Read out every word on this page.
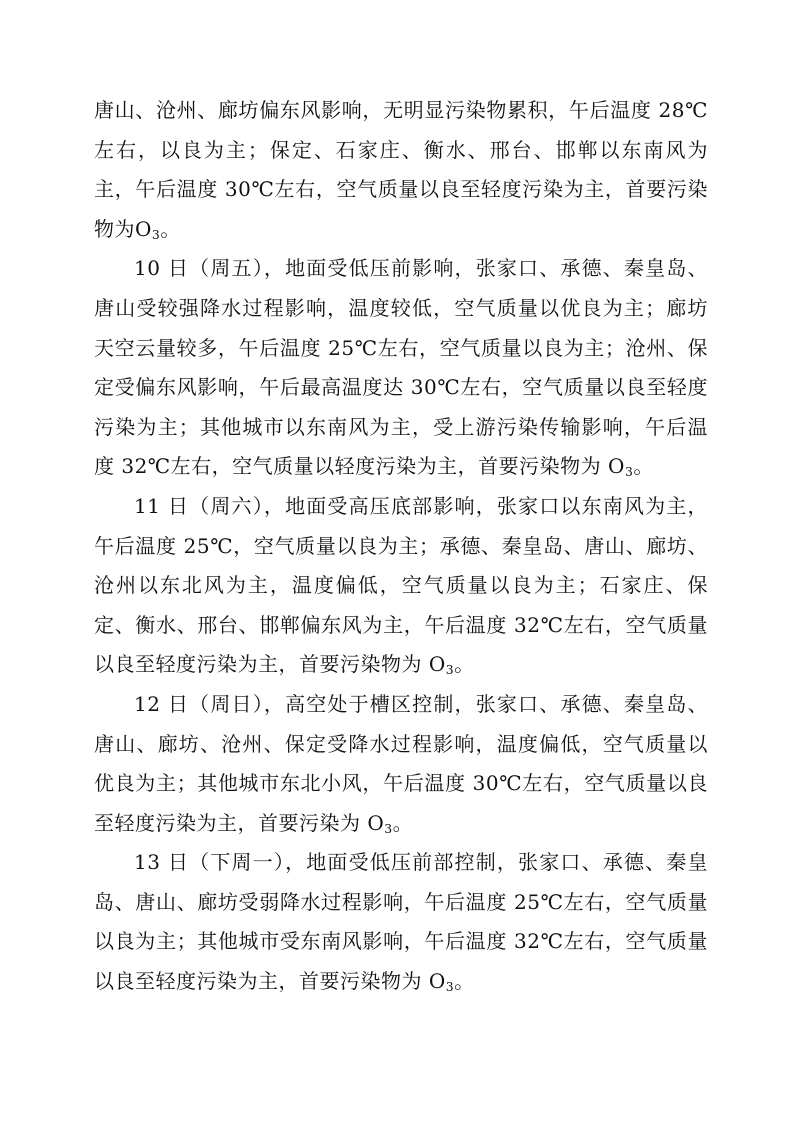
唐山、沧州、廊坊偏东风影响，无明显污染物累积，午后温度 28℃左右，以良为主；保定、石家庄、衡水、邢台、邯郸以东南风为主，午后温度 30℃左右，空气质量以良至轻度污染为主，首要污染物为$O_3$。

10 日（周五），地面受低压前影响，张家口、承德、秦皇岛、唐山受较强降水过程影响，温度较低，空气质量以优良为主；廊坊天空云量较多，午后温度 25℃左右，空气质量以良为主；沧州、保定受偏东风影响，午后最高温度达 30℃左右，空气质量以良至轻度污染为主；其他城市以东南风为主，受上游污染传输影响，午后温度 32℃左右，空气质量以轻度污染为主，首要污染物为 $O_3$。

11 日（周六），地面受高压底部影响，张家口以东南风为主，午后温度 25℃，空气质量以良为主；承德、秦皇岛、唐山、廊坊、沧州以东北风为主，温度偏低，空气质量以良为主；石家庄、保定、衡水、邢台、邯郸偏东风为主，午后温度 32℃左右，空气质量以良至轻度污染为主，首要污染物为 $O_3$。

12 日（周日），高空处于槽区控制，张家口、承德、秦皇岛、唐山、廊坊、沧州、保定受降水过程影响，温度偏低，空气质量以优良为主；其他城市东北小风，午后温度 30℃左右，空气质量以良至轻度污染为主，首要污染为 $O_3$。

13 日（下周一），地面受低压前部控制，张家口、承德、秦皇岛、唐山、廊坊受弱降水过程影响，午后温度 25℃左右，空气质量以良为主；其他城市受东南风影响，午后温度 32℃左右，空气质量以良至轻度污染为主，首要污染物为 $O_3$。
